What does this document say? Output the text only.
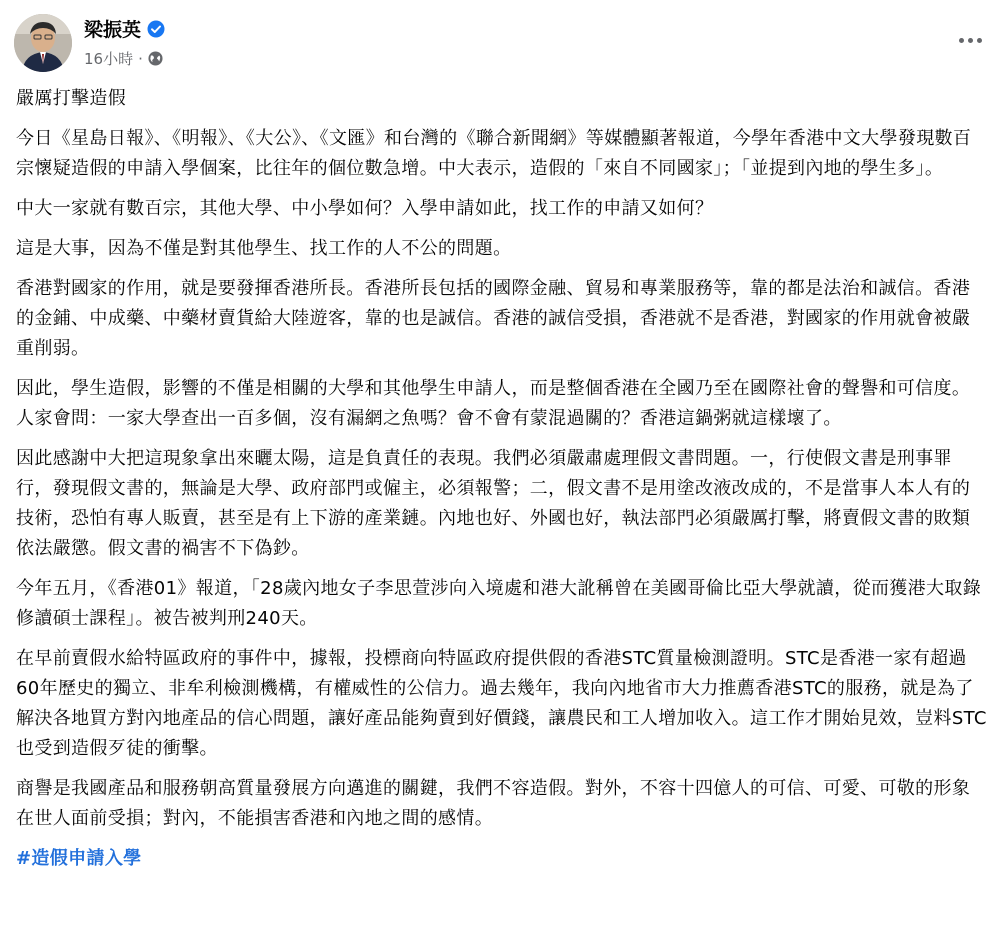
梁振英
16小時 ·

嚴厲打擊造假

今日《星島日報》、《明報》、《大公》、《文匯》和台灣的《聯合新聞網》等媒體顯著報道，今學年香港中文大學發現數百宗懷疑造假的申請入學個案，比往年的個位數急增。中大表示，造假的「來自不同國家」；「並提到內地的學生多」。

中大一家就有數百宗，其他大學、中小學如何？入學申請如此，找工作的申請又如何？

這是大事，因為不僅是對其他學生、找工作的人不公的問題。

香港對國家的作用，就是要發揮香港所長。香港所長包括的國際金融、貿易和專業服務等，靠的都是法治和誠信。香港的金鋪、中成藥、中藥材賣貨給大陸遊客，靠的也是誠信。香港的誠信受損，香港就不是香港，對國家的作用就會被嚴重削弱。

因此，學生造假，影響的不僅是相關的大學和其他學生申請人，而是整個香港在全國乃至在國際社會的聲譽和可信度。人家會問：一家大學查出一百多個，沒有漏網之魚嗎？會不會有蒙混過關的？香港這鍋粥就這樣壞了。

因此感謝中大把這現象拿出來曬太陽，這是負責任的表現。我們必須嚴肅處理假文書問題。一，行使假文書是刑事罪行，發現假文書的，無論是大學、政府部門或僱主，必須報警；二，假文書不是用塗改液改成的，不是當事人本人有的技術，恐怕有專人販賣，甚至是有上下游的產業鏈。內地也好、外國也好，執法部門必須嚴厲打擊，將賣假文書的敗類依法嚴懲。假文書的禍害不下偽鈔。

今年五月，《香港01》報道，「28歲內地女子李思萱涉向入境處和港大訛稱曾在美國哥倫比亞大學就讀，從而獲港大取錄修讀碩士課程」。被告被判刑240天。

在早前賣假水給特區政府的事件中，據報，投標商向特區政府提供假的香港STC質量檢測證明。STC是香港一家有超過60年歷史的獨立、非牟利檢測機構，有權威性的公信力。過去幾年，我向內地省市大力推薦香港STC的服務，就是為了解決各地買方對內地產品的信心問題，讓好產品能夠賣到好價錢，讓農民和工人增加收入。這工作才開始見效，豈料STC也受到造假歹徒的衝擊。

商譽是我國產品和服務朝高質量發展方向邁進的關鍵，我們不容造假。對外，不容十四億人的可信、可愛、可敬的形象在世人面前受損；對內，不能損害香港和內地之間的感情。

#造假申請入學
